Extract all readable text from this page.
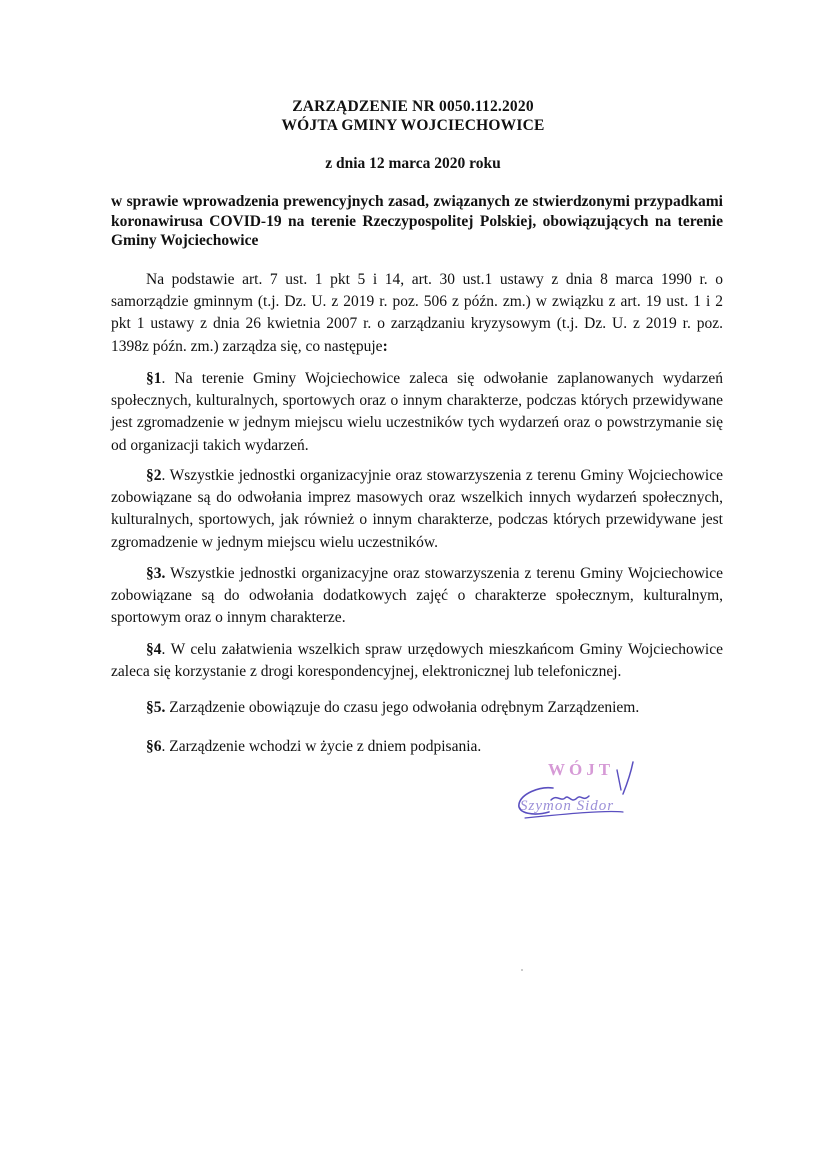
ZARZĄDZENIE NR 0050.112.2020
WÓJTA GMINY WOJCIECHOWICE
z dnia 12 marca 2020 roku
w sprawie wprowadzenia prewencyjnych zasad, związanych ze stwierdzonymi przypadkami koronawirusa COVID-19 na terenie Rzeczypospolitej Polskiej, obowiązujących na terenie Gminy Wojciechowice
Na podstawie art. 7 ust. 1 pkt 5 i 14, art. 30 ust.1 ustawy z dnia 8 marca 1990 r. o samorządzie gminnym (t.j. Dz. U. z 2019 r. poz. 506 z późn. zm.) w związku z art. 19 ust. 1 i 2 pkt 1 ustawy z dnia 26 kwietnia 2007 r. o zarządzaniu kryzysowym (t.j. Dz. U. z 2019 r. poz. 1398z późn. zm.) zarządza się, co następuje:
§1. Na terenie Gminy Wojciechowice zaleca się odwołanie zaplanowanych wydarzeń społecznych, kulturalnych, sportowych oraz o innym charakterze, podczas których przewidywane jest zgromadzenie w jednym miejscu wielu uczestników tych wydarzeń oraz o powstrzymanie się od organizacji takich wydarzeń.
§2. Wszystkie jednostki organizacyjnie oraz stowarzyszenia z terenu Gminy Wojciechowice zobowiązane są do odwołania imprez masowych oraz wszelkich innych wydarzeń społecznych, kulturalnych, sportowych, jak również o innym charakterze, podczas których przewidywane jest zgromadzenie w jednym miejscu wielu uczestników.
§3. Wszystkie jednostki organizacyjne oraz stowarzyszenia z terenu Gminy Wojciechowice zobowiązane są do odwołania dodatkowych zajęć o charakterze społecznym, kulturalnym, sportowym oraz o innym charakterze.
§4. W celu załatwienia wszelkich spraw urzędowych mieszkańcom Gminy Wojciechowice zaleca się korzystanie z drogi korespondencyjnej, elektronicznej lub telefonicznej.
§5. Zarządzenie obowiązuje do czasu jego odwołania odrębnym Zarządzeniem.
§6. Zarządzenie wchodzi w życie z dniem podpisania.
WÓJT
Szymon Sidor
